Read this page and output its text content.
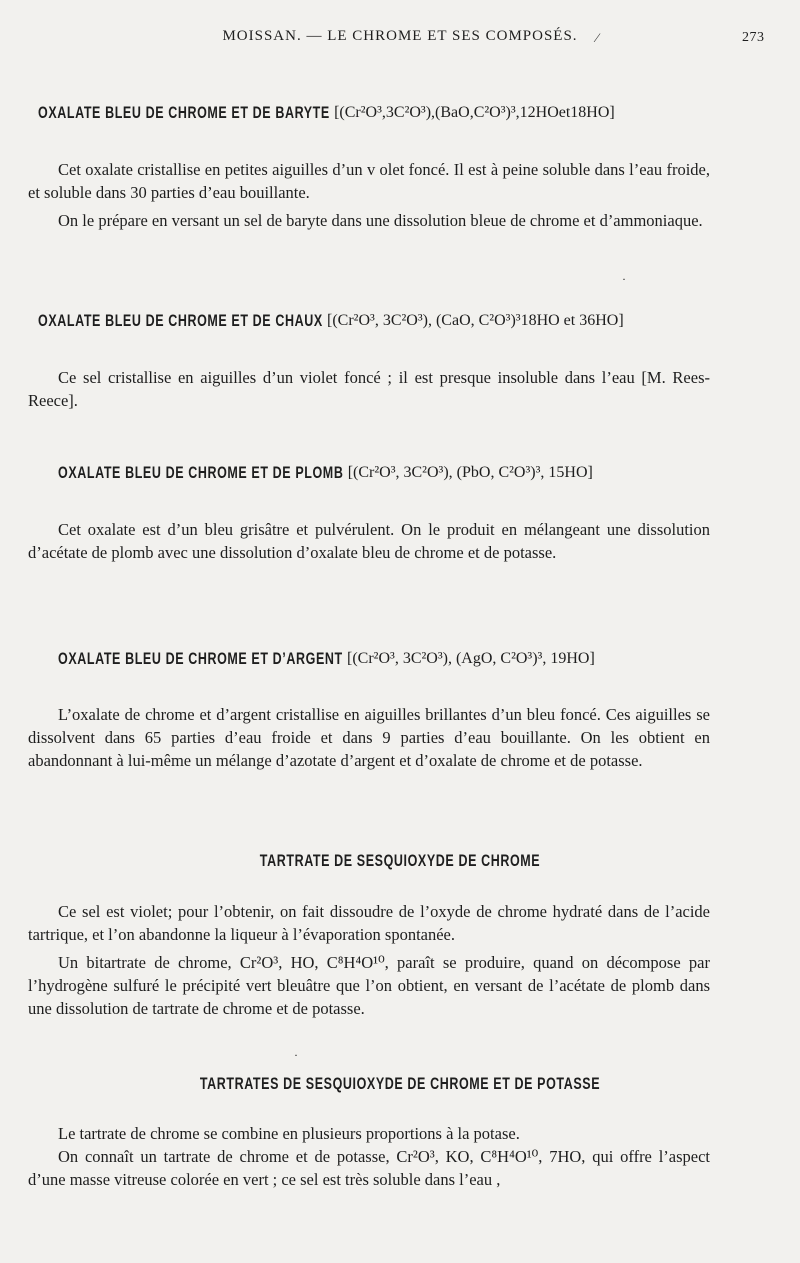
MOISSAN. — LE CHROME ET SES COMPOSÉS.	⁄	273
OXALATE BLEU DE CHROME ET DE BARYTE [(Cr²O³,3C²O³),(BaO,C²O³)³,12HOet18HO]

Cet oxalate cristallise en petites aiguilles d’un v olet foncé. Il est à peine soluble dans l’eau froide, et soluble dans 30 parties d’eau bouillante.

On le prépare en versant un sel de baryte dans une dissolution bleue de chrome et d’ammoniaque.

·
OXALATE BLEU DE CHROME ET DE CHAUX [(Cr²O³, 3C²O³), (CaO, C²O³)³18HO et 36HO]

Ce sel cristallise en aiguilles d’un violet foncé ; il est presque insoluble dans l’eau [M. Rees-Reece].

OXALATE BLEU DE CHROME ET DE PLOMB [(Cr²O³, 3C²O³), (PbO, C²O³)³, 15HO]

Cet oxalate est d’un bleu grisâtre et pulvérulent. On le produit en mélangeant une dissolution d’acétate de plomb avec une dissolution d’oxalate bleu de chrome et de potasse.

OXALATE BLEU DE CHROME ET D’ARGENT [(Cr²O³, 3C²O³), (AgO, C²O³)³, 19HO]

L’oxalate de chrome et d’argent cristallise en aiguilles brillantes d’un bleu foncé. Ces aiguilles se dissolvent dans 65 parties d’eau froide et dans 9 parties d’eau bouillante. On les obtient en abandonnant à lui-même un mélange d’azotate d’argent et d’oxalate de chrome et de potasse.

TARTRATE DE SESQUIOXYDE DE CHROME

Ce sel est violet; pour l’obtenir, on fait dissoudre de l’oxyde de chrome hydraté dans de l’acide tartrique, et l’on abandonne la liqueur à l’évaporation spontanée.

Un bitartrate de chrome, Cr²O³, HO, C⁸H⁴O¹⁰, paraît se produire, quand on décompose par l’hydrogène sulfuré le précipité vert bleuâtre que l’on obtient, en versant de l’acétate de plomb dans une dissolution de tartrate de chrome et de potasse.

·
TARTRATES DE SESQUIOXYDE DE CHROME ET DE POTASSE

Le tartrate de chrome se combine en plusieurs proportions à la potase.

On connaît un tartrate de chrome et de potasse, Cr²O³, KO, C⁸H⁴O¹⁰, 7HO, qui offre l’aspect d’une masse vitreuse colorée en vert ; ce sel est très soluble dans l’eau ,
